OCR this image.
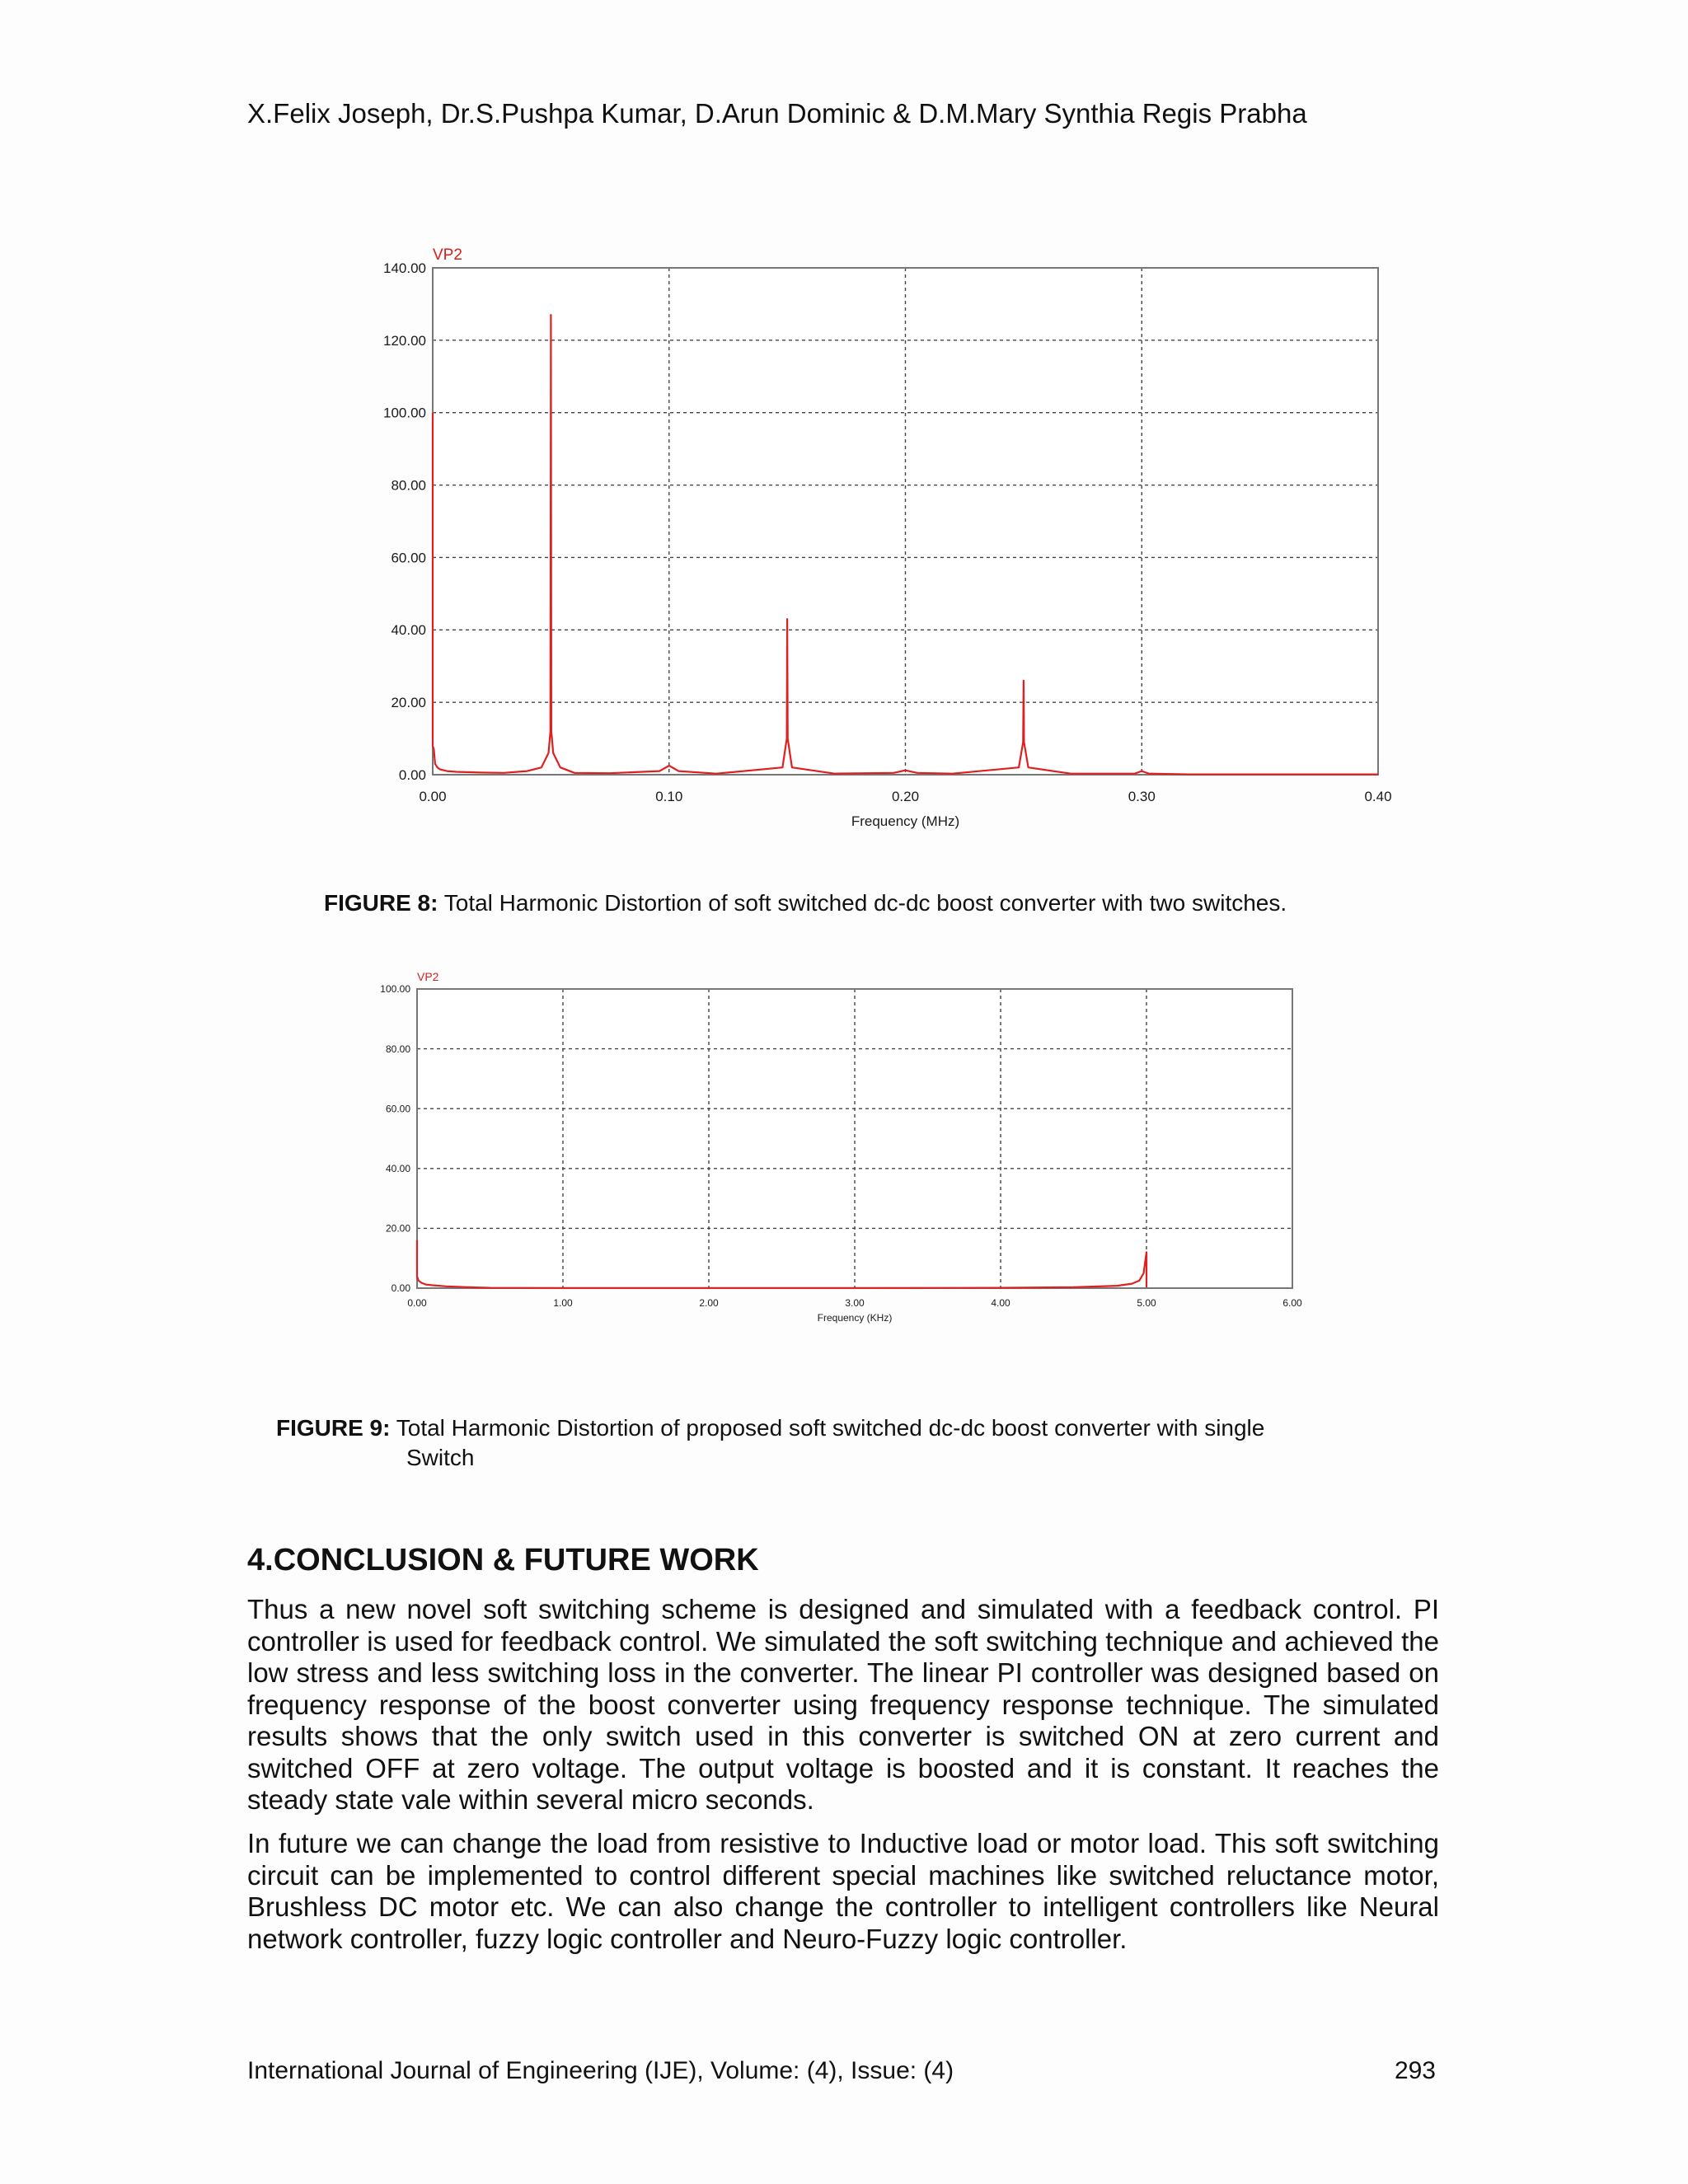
X.Felix Joseph, Dr.S.Pushpa Kumar, D.Arun Dominic & D.M.Mary Synthia Regis Prabha
0.00	0.10	0.20	0.30	0.40
0.00
20.00
40.00
60.00
80.00
100.00
120.00
140.00
VP2
Frequency (MHz)
FIGURE 8: Total Harmonic Distortion of soft switched dc-dc boost converter with two switches.
0.00	1.00	2.00	3.00	4.00	5.00	6.00
0.00
20.00
40.00
60.00
80.00
100.00
VP2
Frequency (KHz)
FIGURE 9: Total Harmonic Distortion of proposed soft switched dc-dc boost converter with single
Switch
4.CONCLUSION & FUTURE WORK

Thus a new novel soft switching scheme is designed and simulated with a feedback control. PI controller is used for feedback control. We simulated the soft switching technique and achieved the low stress and less switching loss in the converter. The linear PI controller was designed based on frequency response of the boost converter using frequency response technique. The simulated results shows that the only switch used in this converter is switched ON at zero current and switched OFF at zero voltage. The output voltage is boosted and it is constant. It reaches the steady state vale within several micro seconds.

In future we can change the load from resistive to Inductive load or motor load. This soft switching circuit can be implemented to control different special machines like switched reluctance motor, Brushless DC motor etc. We can also change the controller to intelligent controllers like Neural network controller, fuzzy logic controller and Neuro-Fuzzy logic controller.

International Journal of Engineering (IJE), Volume: (4), Issue: (4)	293
